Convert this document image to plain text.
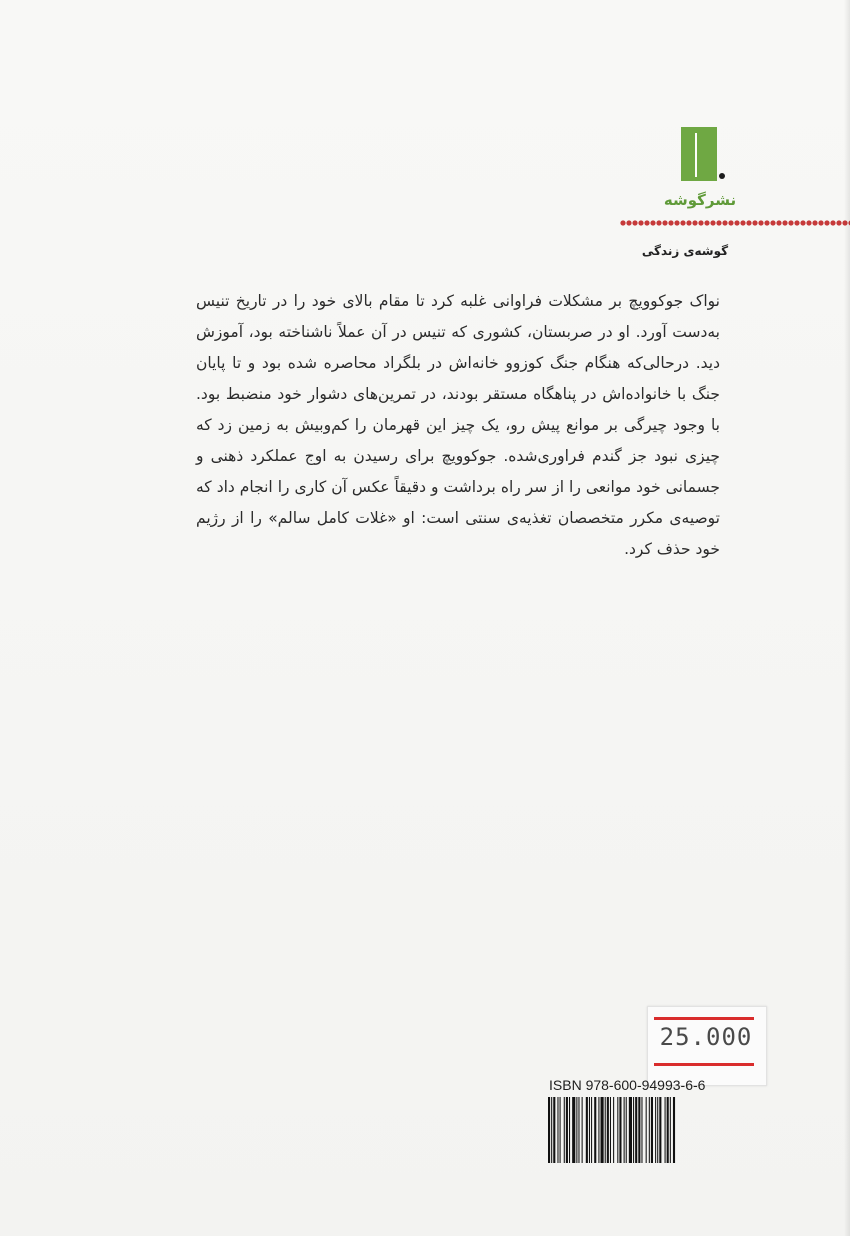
نشرگوشه
گوشه‌ی زندگی

نواک جوکوویچ بر مشکلات فراوانی غلبه کرد تا مقام بالای خود را در تاریخ تنیس به‌دست آورد. او در صربستان، کشوری که تنیس در آن عملاً ناشناخته بود، آموزش دید. درحالی‌که هنگام جنگ کوزوو خانه‌اش در بلگراد محاصره شده بود و تا پایان جنگ با خانواده‌اش در پناهگاه مستقر بودند، در تمرین‌های دشوار خود منضبط بود. با وجود چیرگی بر موانع پیش رو، یک چیز این قهرمان را کم‌وبیش به زمین زد که چیزی نبود جز گندم فراوری‌شده. جوکوویچ برای رسیدن به اوج عملکرد ذهنی و جسمانی خود موانعی را از سر راه برداشت و دقیقاً عکس آن کاری را انجام داد که توصیه‌ی مکرر متخصصان تغذیه‌ی سنتی است: او «غلات کامل سالم» را از رژیم خود حذف کرد.

25.000
ISBN 978-600-94993-6-6
